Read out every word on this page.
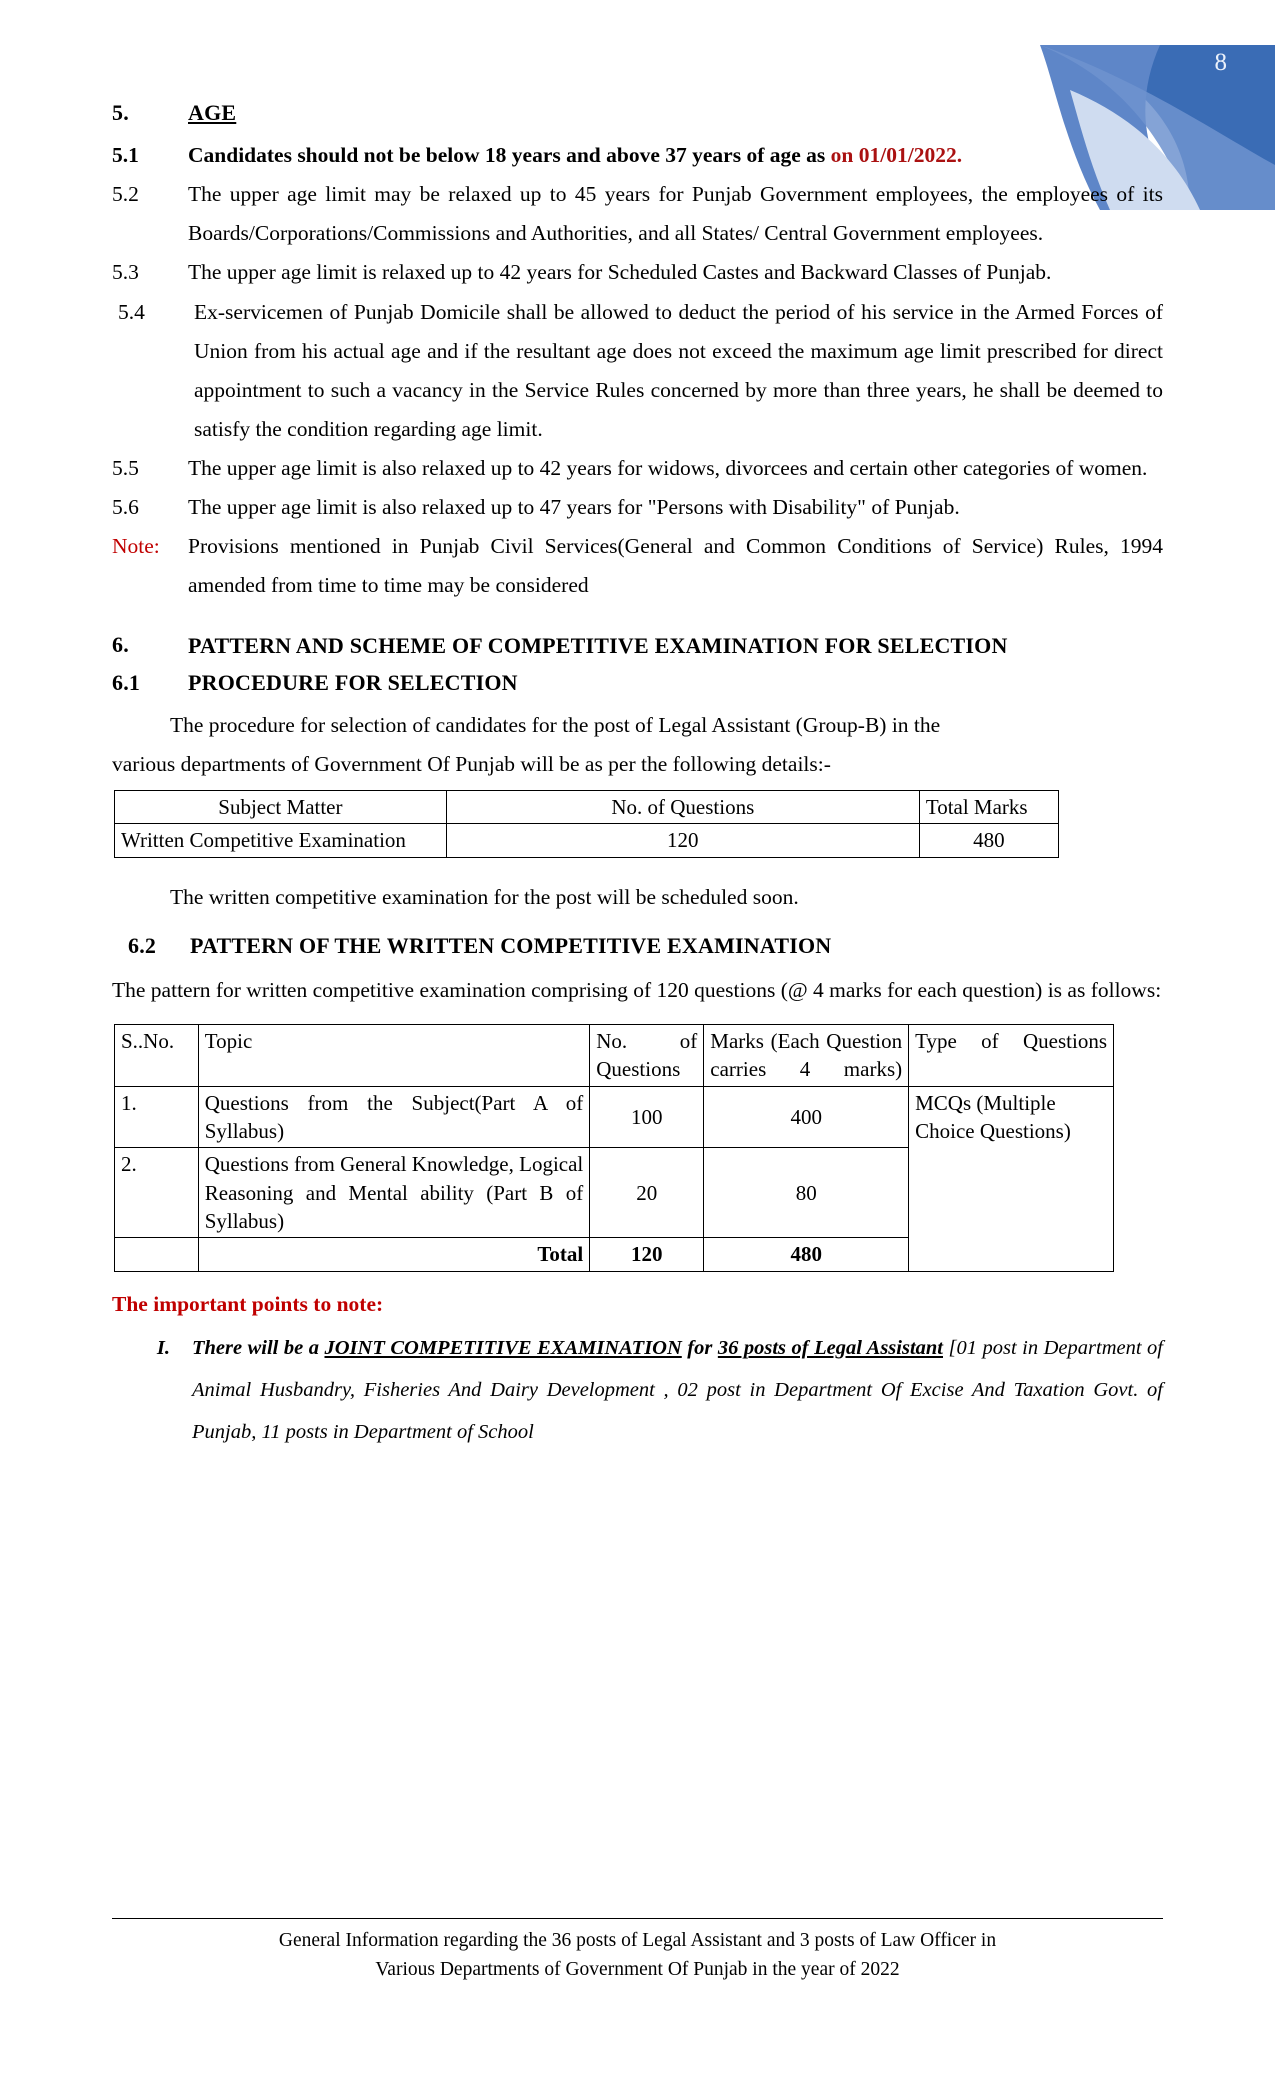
8
5.	AGE
5.1	Candidates should not be below 18 years and above 37 years of age as on 01/01/2022.
5.2	The upper age limit may be relaxed up to 45 years for Punjab Government employees, the employees of its Boards/Corporations/Commissions and Authorities, and all States/ Central Government employees.
5.3	The upper age limit is relaxed up to 42 years for Scheduled Castes and Backward Classes of Punjab.
5.4	Ex-servicemen of Punjab Domicile shall be allowed to deduct the period of his service in the Armed Forces of Union from his actual age and if the resultant age does not exceed the maximum age limit prescribed for direct appointment to such a vacancy in the Service Rules concerned by more than three years, he shall be deemed to satisfy the condition regarding age limit.
5.5	The upper age limit is also relaxed up to 42 years for widows, divorcees and certain other categories of women.
5.6	The upper age limit is also relaxed up to 47 years for "Persons with Disability" of Punjab.
Note:	Provisions mentioned in Punjab Civil Services(General and Common Conditions of Service) Rules, 1994 amended from time to time may be considered
6.	PATTERN AND SCHEME OF COMPETITIVE EXAMINATION FOR SELECTION
6.1	PROCEDURE FOR SELECTION
The procedure for selection of candidates for the post of Legal Assistant (Group-B) in the
various departments of Government Of Punjab will be as per the following details:-
Subject Matter	No. of Questions	Total Marks
Written Competitive Examination	120	480
The written competitive examination for the post will be scheduled soon.
6.2	PATTERN OF THE WRITTEN COMPETITIVE EXAMINATION
The pattern for written competitive examination comprising of 120 questions (@ 4 marks for each question) is as follows:
S..No.	Topic	No. of Questions	Marks (Each Question carries 4 marks)	Type of Questions
1.	Questions from the Subject(Part A of Syllabus)	100	400	MCQs (Multiple Choice Questions)
2.	Questions from General Knowledge, Logical Reasoning and Mental ability (Part B of Syllabus)	20	80	
	Total	120	480	
The important points to note:
I.	There will be a JOINT COMPETITIVE EXAMINATION for 36 posts of Legal Assistant [01 post in Department of Animal Husbandry, Fisheries And Dairy Development , 02 post in Department Of Excise And Taxation Govt. of Punjab, 11 posts in Department of School
General Information regarding the 36 posts of Legal Assistant and 3 posts of Law Officer in
Various Departments of Government Of Punjab in the year of 2022
